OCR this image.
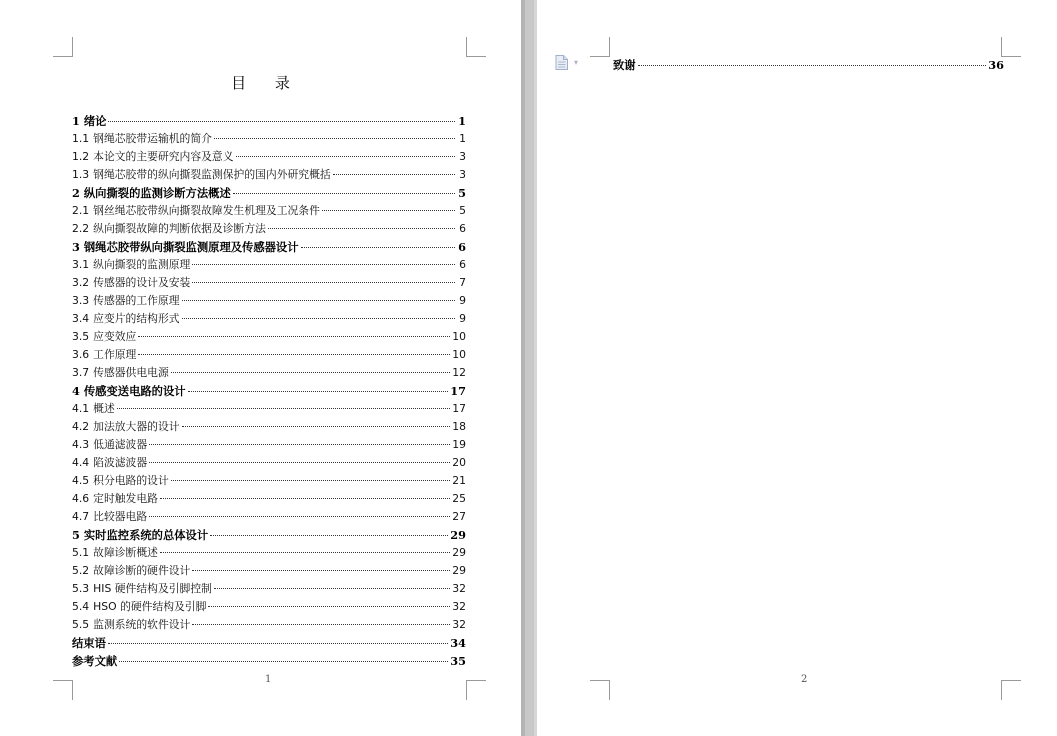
目 录
1 绪论	1
1.1 钢绳芯胶带运输机的简介	1
1.2 本论文的主要研究内容及意义	3
1.3 钢绳芯胶带的纵向撕裂监测保护的国内外研究概括	3
2 纵向撕裂的监测诊断方法概述	5
2.1 钢丝绳芯胶带纵向撕裂故障发生机理及工况条件	5
2.2 纵向撕裂故障的判断依据及诊断方法	6
3 钢绳芯胶带纵向撕裂监测原理及传感器设计	6
3.1 纵向撕裂的监测原理	6
3.2 传感器的设计及安装	7
3.3 传感器的工作原理	9
3.4 应变片的结构形式	9
3.5 应变效应	10
3.6 工作原理	10
3.7 传感器供电电源	12
4 传感变送电路的设计	17
4.1 概述	17
4.2 加法放大器的设计	18
4.3 低通滤波器	19
4.4 陷波滤波器	20
4.5 积分电路的设计	21
4.6 定时触发电路	25
4.7 比较器电路	27
5 实时监控系统的总体设计	29
5.1 故障诊断概述	29
5.2 故障诊断的硬件设计	29
5.3 HIS 硬件结构及引脚控制	32
5.4 HSO 的硬件结构及引脚	32
5.5 监测系统的软件设计	32
结束语	34
参考文献	35
1
▾	致谢	36
2
